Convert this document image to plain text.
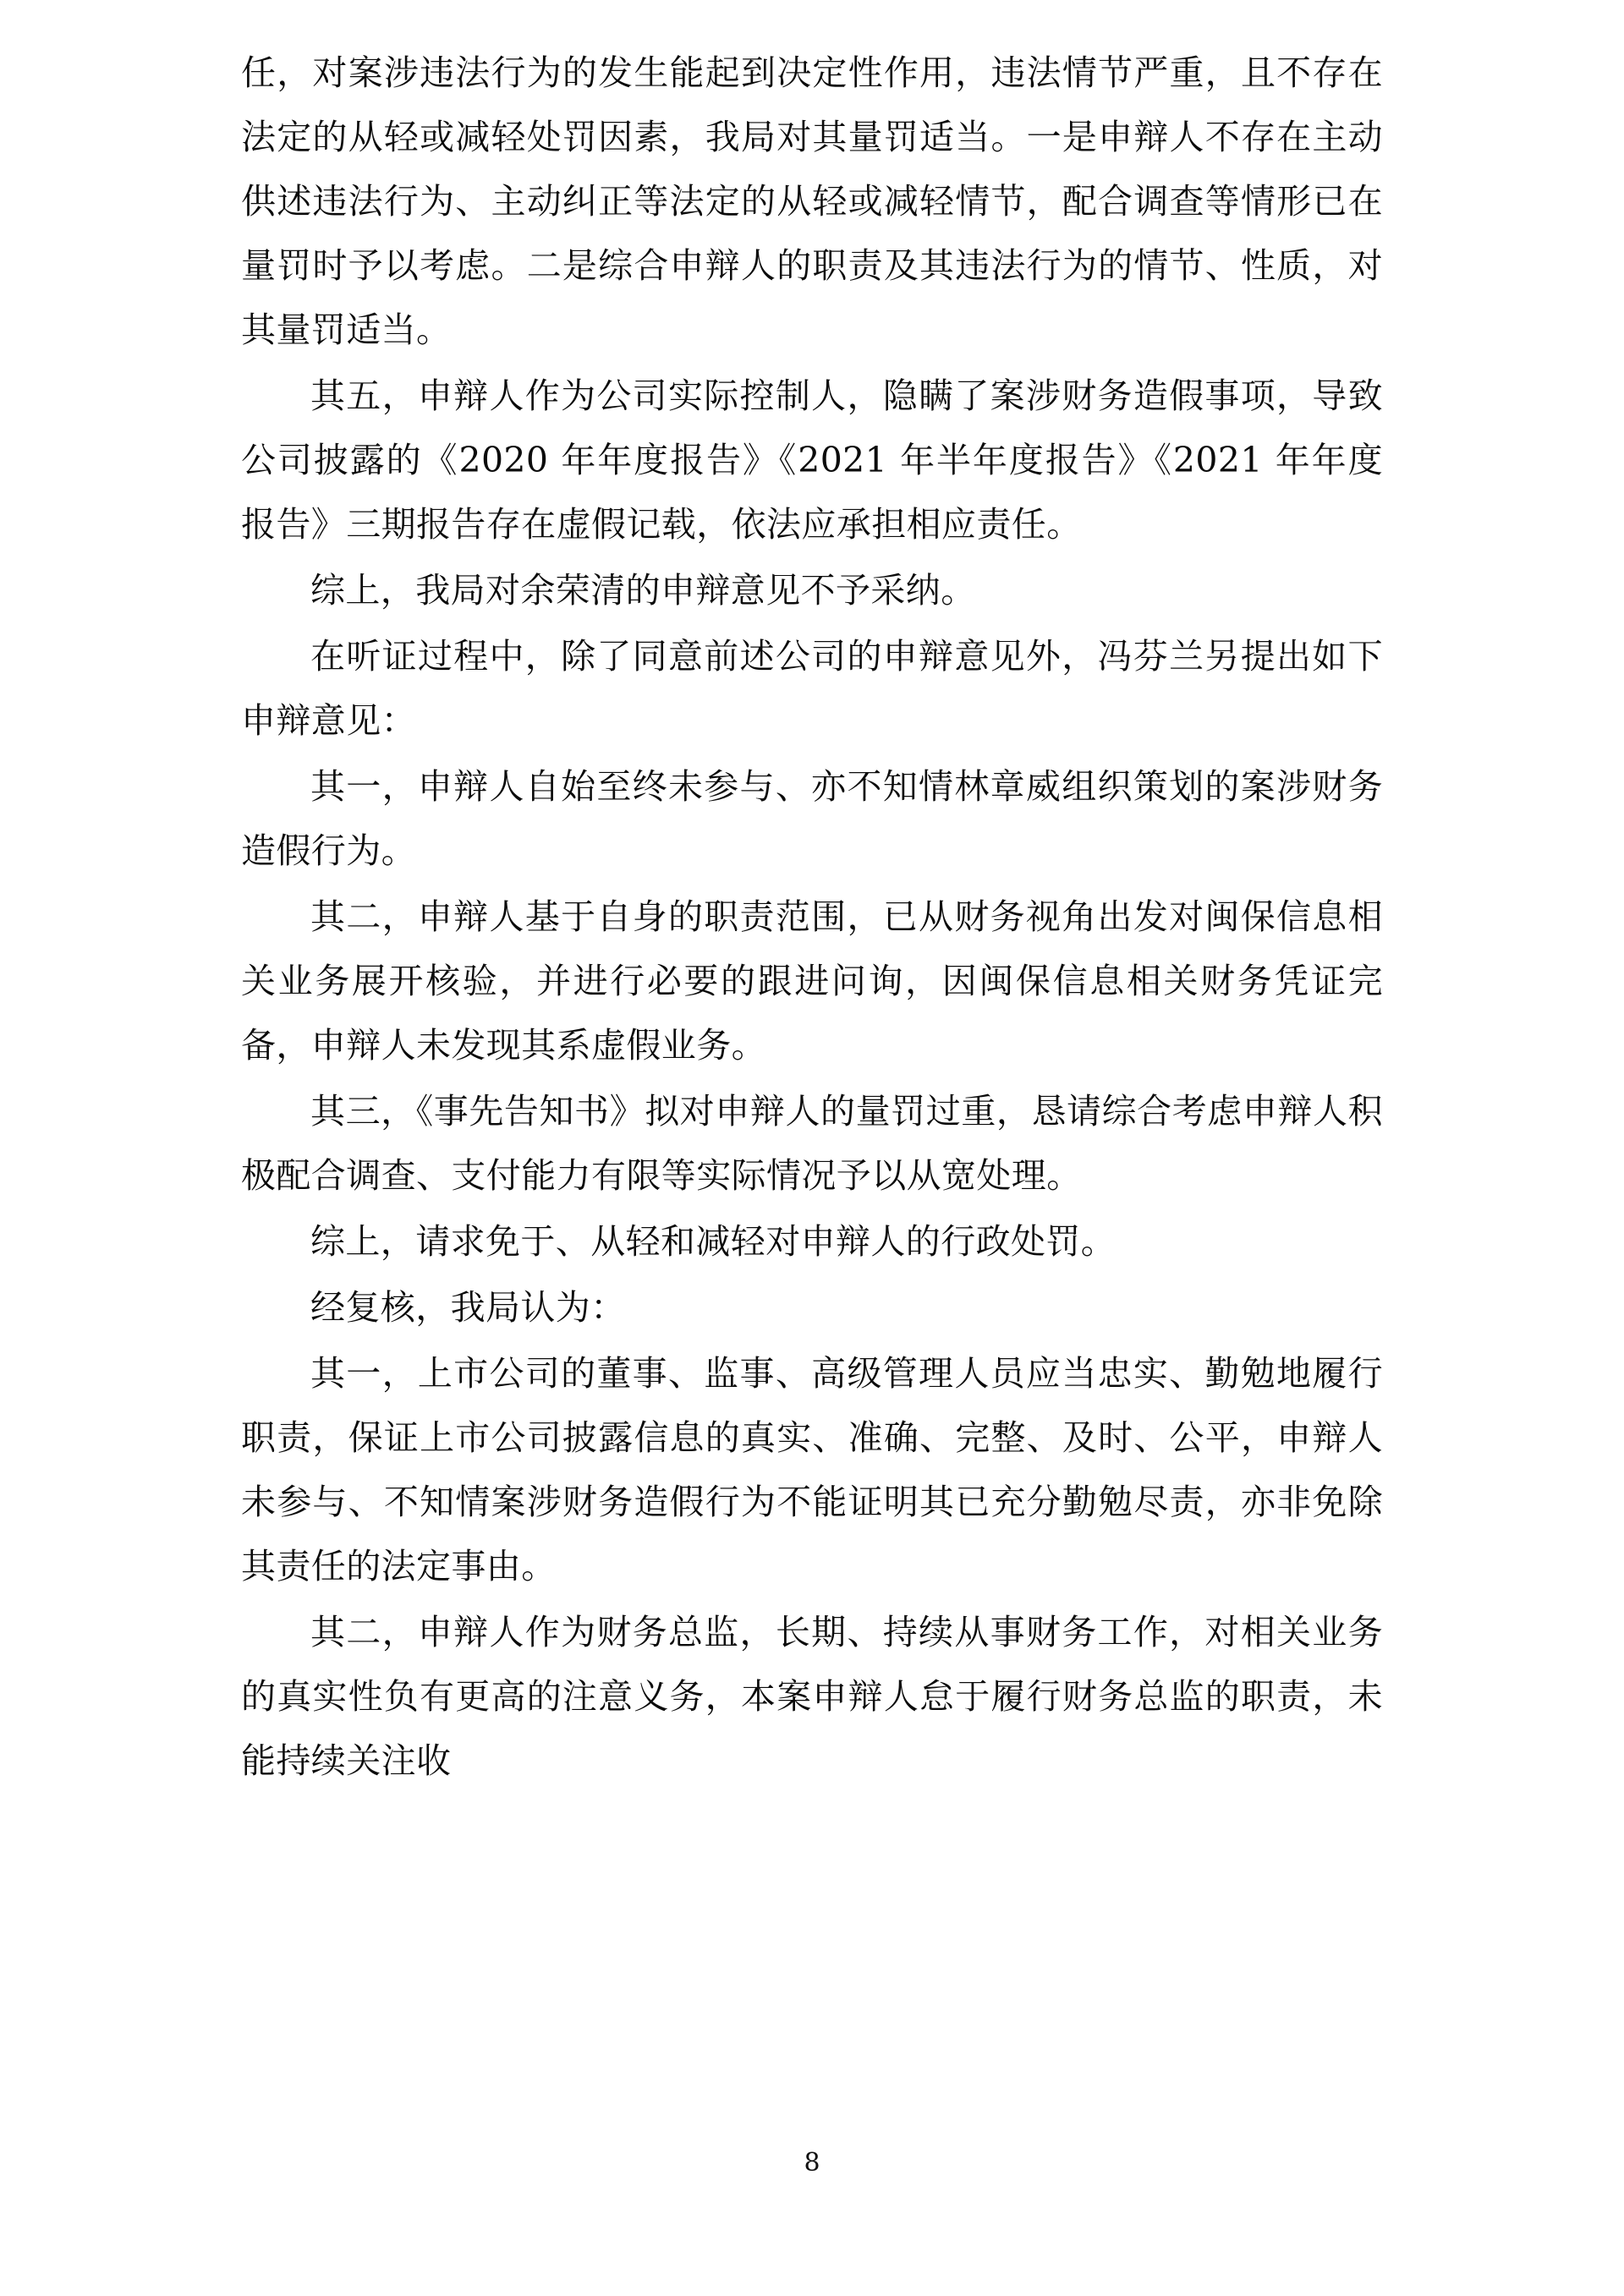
任，对案涉违法行为的发生能起到决定性作用，违法情节严重，且不存在法定的从轻或减轻处罚因素，我局对其量罚适当。一是申辩人不存在主动供述违法行为、主动纠正等法定的从轻或减轻情节，配合调查等情形已在量罚时予以考虑。二是综合申辩人的职责及其违法行为的情节、性质，对其量罚适当。

其五，申辩人作为公司实际控制人，隐瞒了案涉财务造假事项，导致公司披露的《2020 年年度报告》《2021 年半年度报告》《2021 年年度报告》三期报告存在虚假记载，依法应承担相应责任。

综上，我局对余荣清的申辩意见不予采纳。

在听证过程中，除了同意前述公司的申辩意见外，冯芬兰另提出如下申辩意见：

其一，申辩人自始至终未参与、亦不知情林章威组织策划的案涉财务造假行为。

其二，申辩人基于自身的职责范围，已从财务视角出发对闽保信息相关业务展开核验，并进行必要的跟进问询，因闽保信息相关财务凭证完备，申辩人未发现其系虚假业务。

其三，《事先告知书》拟对申辩人的量罚过重，恳请综合考虑申辩人积极配合调查、支付能力有限等实际情况予以从宽处理。

综上，请求免于、从轻和减轻对申辩人的行政处罚。

经复核，我局认为：

其一，上市公司的董事、监事、高级管理人员应当忠实、勤勉地履行职责，保证上市公司披露信息的真实、准确、完整、及时、公平，申辩人未参与、不知情案涉财务造假行为不能证明其已充分勤勉尽责，亦非免除其责任的法定事由。

其二，申辩人作为财务总监，长期、持续从事财务工作，对相关业务的真实性负有更高的注意义务，本案申辩人怠于履行财务总监的职责，未能持续关注收

8
